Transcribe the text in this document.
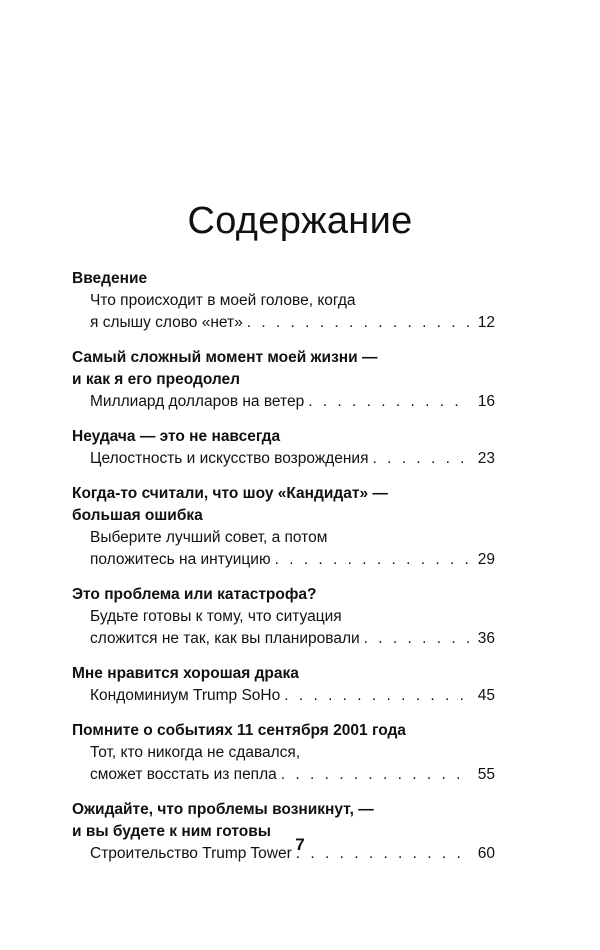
Содержание
Введение
Что происходит в моей голове, когда
я слышу слово «нет» . . .	12
Самый сложный момент моей жизни —
и как я его преодолел
Миллиард долларов на ветер . . .	16
Неудача — это не навсегда
Целостность и искусство возрождения . . .	23
Когда-то считали, что шоу «Кандидат» —
большая ошибка
Выберите лучший совет, а потом
положитесь на интуицию . . .	29
Это проблема или катастрофа?
Будьте готовы к тому, что ситуация
сложится не так, как вы планировали . . .	36
Мне нравится хорошая драка
Кондоминиум Trump SoHo . . .	45
Помните о событиях 11 сентября 2001 года
Тот, кто никогда не сдавался,
сможет восстать из пепла . . .	55
Ожидайте, что проблемы возникнут, —
и вы будете к ним готовы
Строительство Trump Tower . . .	60
7
